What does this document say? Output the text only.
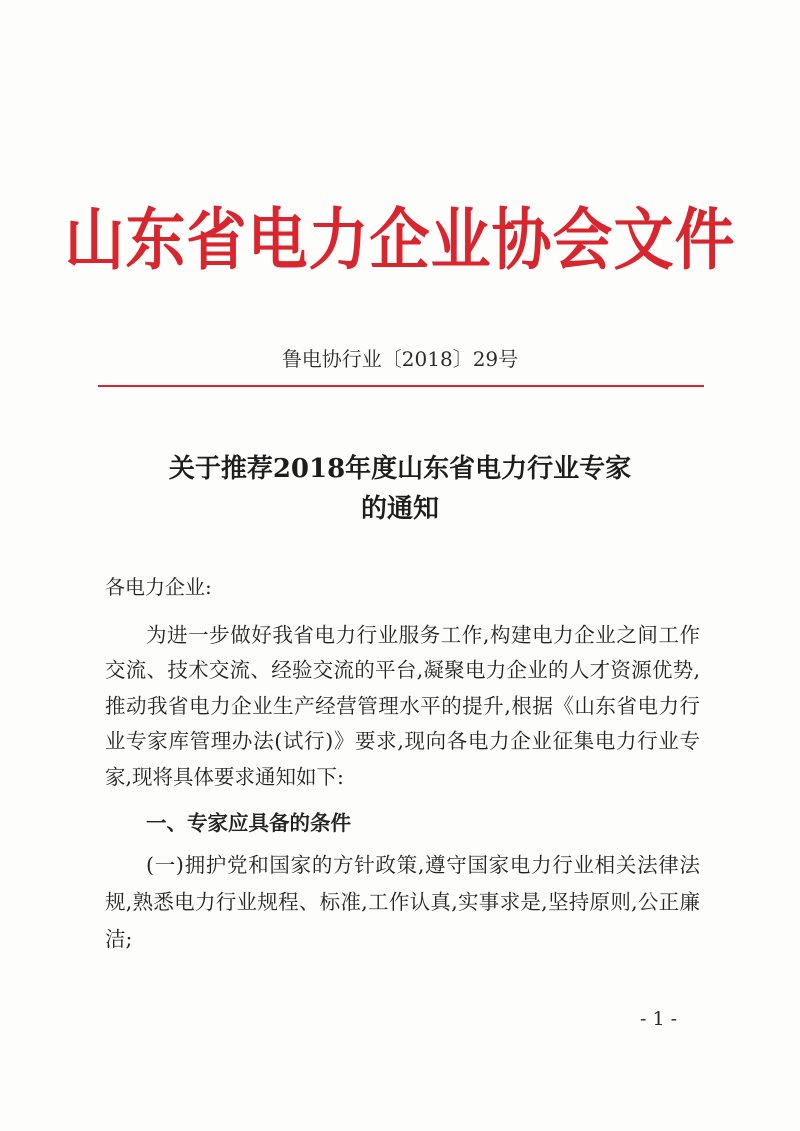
山东省电力企业协会文件
鲁电协行业〔2018〕29号
关于推荐2018年度山东省电力行业专家
的通知
各电力企业:

为进一步做好我省电力行业服务工作,构建电力企业之间工作交流、技术交流、经验交流的平台,凝聚电力企业的人才资源优势,推动我省电力企业生产经营管理水平的提升,根据《山东省电力行业专家库管理办法(试行)》要求,现向各电力企业征集电力行业专家,现将具体要求通知如下:

一、专家应具备的条件

(一)拥护党和国家的方针政策,遵守国家电力行业相关法律法规,熟悉电力行业规程、标准,工作认真,实事求是,坚持原则,公正廉洁;

- 1 -
